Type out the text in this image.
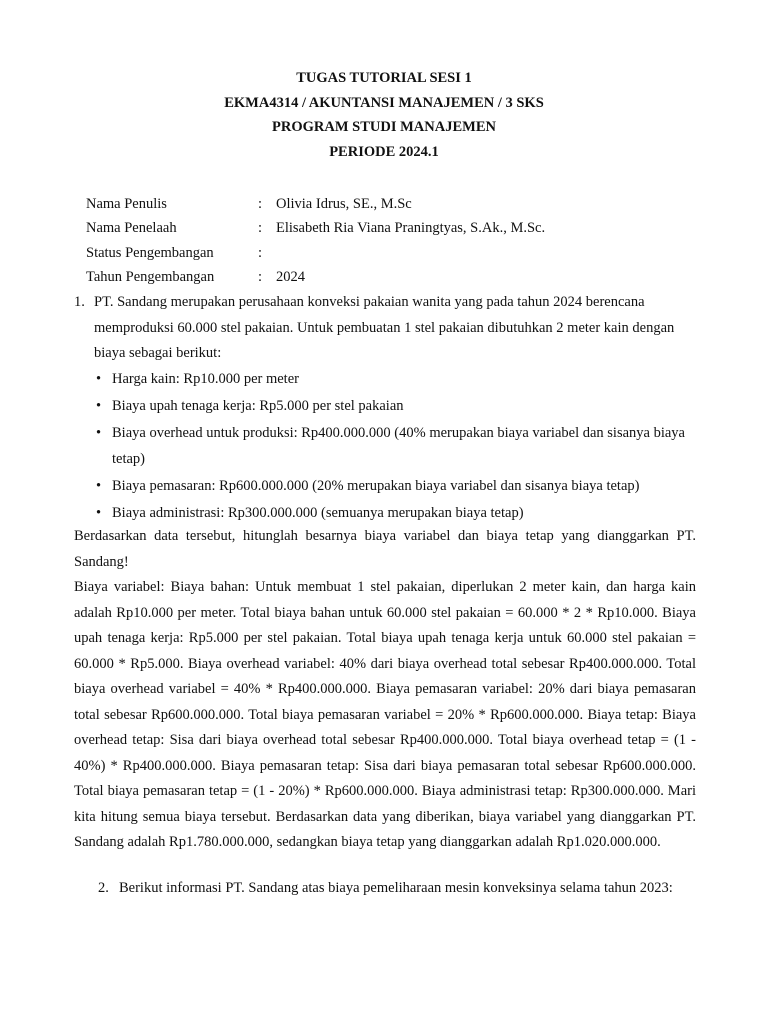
TUGAS TUTORIAL SESI 1
EKMA4314 / AKUNTANSI MANAJEMEN / 3 SKS
PROGRAM STUDI MANAJEMEN
PERIODE 2024.1
Nama Penulis	: Olivia Idrus, SE., M.Sc
Nama Penelaah	: Elisabeth Ria Viana Praningtyas, S.Ak., M.Sc.
Status Pengembangan	:
Tahun Pengembangan	: 2024
1. PT. Sandang merupakan perusahaan konveksi pakaian wanita yang pada tahun 2024 berencana memproduksi 60.000 stel pakaian. Untuk pembuatan 1 stel pakaian dibutuhkan 2 meter kain dengan biaya sebagai berikut:
• Harga kain: Rp10.000 per meter
• Biaya upah tenaga kerja: Rp5.000 per stel pakaian
• Biaya overhead untuk produksi: Rp400.000.000 (40% merupakan biaya variabel dan sisanya biaya tetap)
• Biaya pemasaran: Rp600.000.000 (20% merupakan biaya variabel dan sisanya biaya tetap)
• Biaya administrasi: Rp300.000.000 (semuanya merupakan biaya tetap)

Berdasarkan data tersebut, hitunglah besarnya biaya variabel dan biaya tetap yang dianggarkan PT. Sandang!

Biaya variabel: Biaya bahan: Untuk membuat 1 stel pakaian, diperlukan 2 meter kain, dan harga kain adalah Rp10.000 per meter. Total biaya bahan untuk 60.000 stel pakaian = 60.000 * 2 * Rp10.000. Biaya upah tenaga kerja: Rp5.000 per stel pakaian. Total biaya upah tenaga kerja untuk 60.000 stel pakaian = 60.000 * Rp5.000. Biaya overhead variabel: 40% dari biaya overhead total sebesar Rp400.000.000. Total biaya overhead variabel = 40% * Rp400.000.000. Biaya pemasaran variabel: 20% dari biaya pemasaran total sebesar Rp600.000.000. Total biaya pemasaran variabel = 20% * Rp600.000.000. Biaya tetap: Biaya overhead tetap: Sisa dari biaya overhead total sebesar Rp400.000.000. Total biaya overhead tetap = (1 - 40%) * Rp400.000.000. Biaya pemasaran tetap: Sisa dari biaya pemasaran total sebesar Rp600.000.000. Total biaya pemasaran tetap = (1 - 20%) * Rp600.000.000. Biaya administrasi tetap: Rp300.000.000. Mari kita hitung semua biaya tersebut. Berdasarkan data yang diberikan, biaya variabel yang dianggarkan PT. Sandang adalah Rp1.780.000.000, sedangkan biaya tetap yang dianggarkan adalah Rp1.020.000.000.

2. Berikut informasi PT. Sandang atas biaya pemeliharaan mesin konveksinya selama tahun 2023:
